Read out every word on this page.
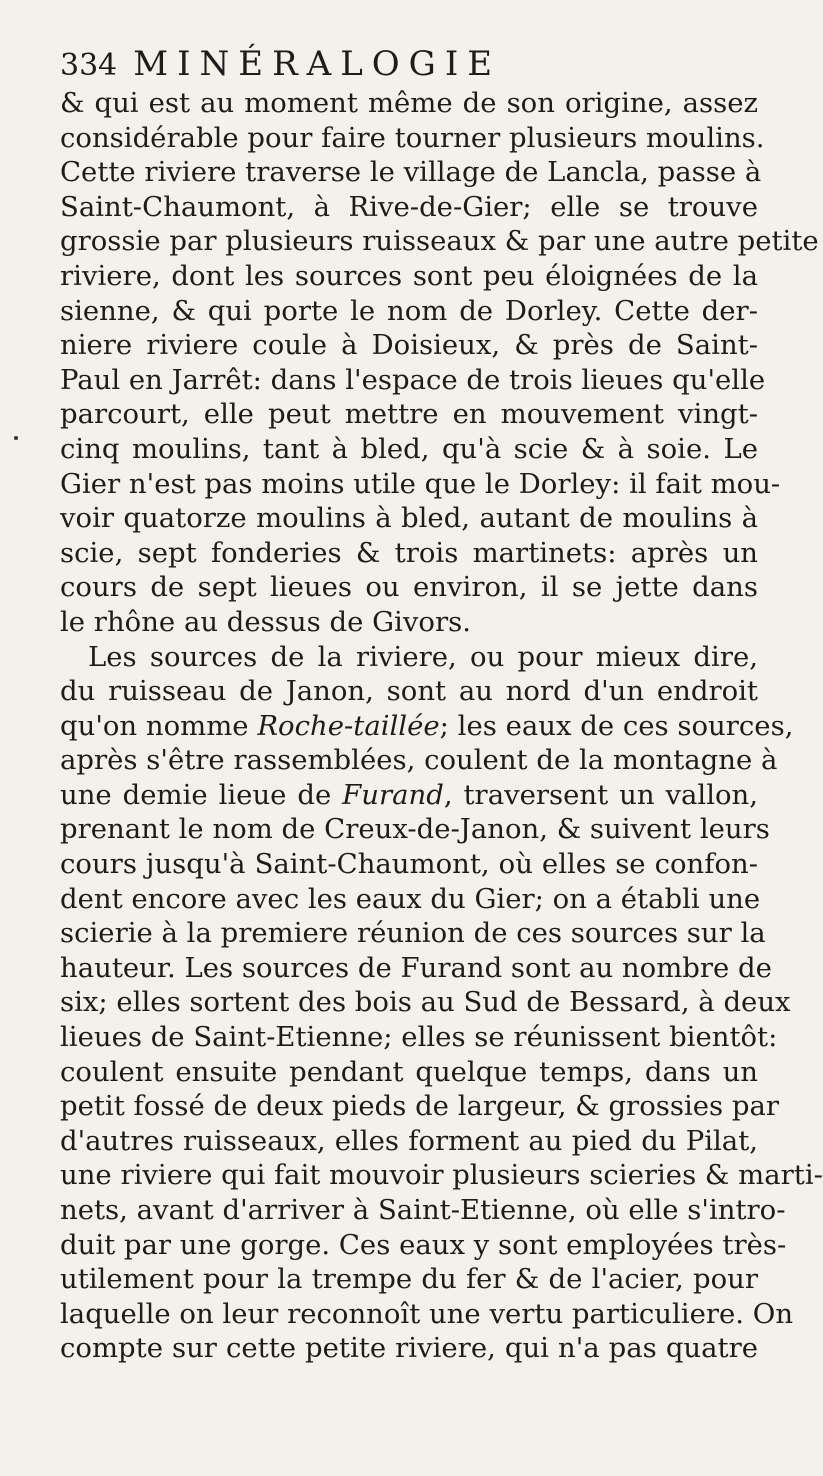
334 MINÉRALOGIE
& qui est au moment même de son origine, assez
considérable pour faire tourner plusieurs moulins.
Cette riviere traverse le village de Lancla, passe à
Saint-Chaumont, à Rive-de-Gier; elle se trouve
grossie par plusieurs ruisseaux & par une autre petite
riviere, dont les sources sont peu éloignées de la
sienne, & qui porte le nom de Dorley. Cette der-
niere riviere coule à Doisieux, & près de Saint-
Paul en Jarrêt: dans l'espace de trois lieues qu'elle
parcourt, elle peut mettre en mouvement vingt-
cinq moulins, tant à bled, qu'à scie & à soie. Le
Gier n'est pas moins utile que le Dorley: il fait mou-
voir quatorze moulins à bled, autant de moulins à
scie, sept fonderies & trois martinets: après un
cours de sept lieues ou environ, il se jette dans
le rhône au dessus de Givors.
Les sources de la riviere, ou pour mieux dire,
du ruisseau de Janon, sont au nord d'un endroit
qu'on nomme Roche-taillée; les eaux de ces sources,
après s'être rassemblées, coulent de la montagne à
une demie lieue de Furand, traversent un vallon,
prenant le nom de Creux-de-Janon, & suivent leurs
cours jusqu'à Saint-Chaumont, où elles se confon-
dent encore avec les eaux du Gier; on a établi une
scierie à la premiere réunion de ces sources sur la
hauteur. Les sources de Furand sont au nombre de
six; elles sortent des bois au Sud de Bessard, à deux
lieues de Saint-Etienne; elles se réunissent bientôt:
coulent ensuite pendant quelque temps, dans un
petit fossé de deux pieds de largeur, & grossies par
d'autres ruisseaux, elles forment au pied du Pilat,
une riviere qui fait mouvoir plusieurs scieries & marti-
nets, avant d'arriver à Saint-Etienne, où elle s'intro-
duit par une gorge. Ces eaux y sont employées très-
utilement pour la trempe du fer & de l'acier, pour
laquelle on leur reconnoît une vertu particuliere. On
compte sur cette petite riviere, qui n'a pas quatre
